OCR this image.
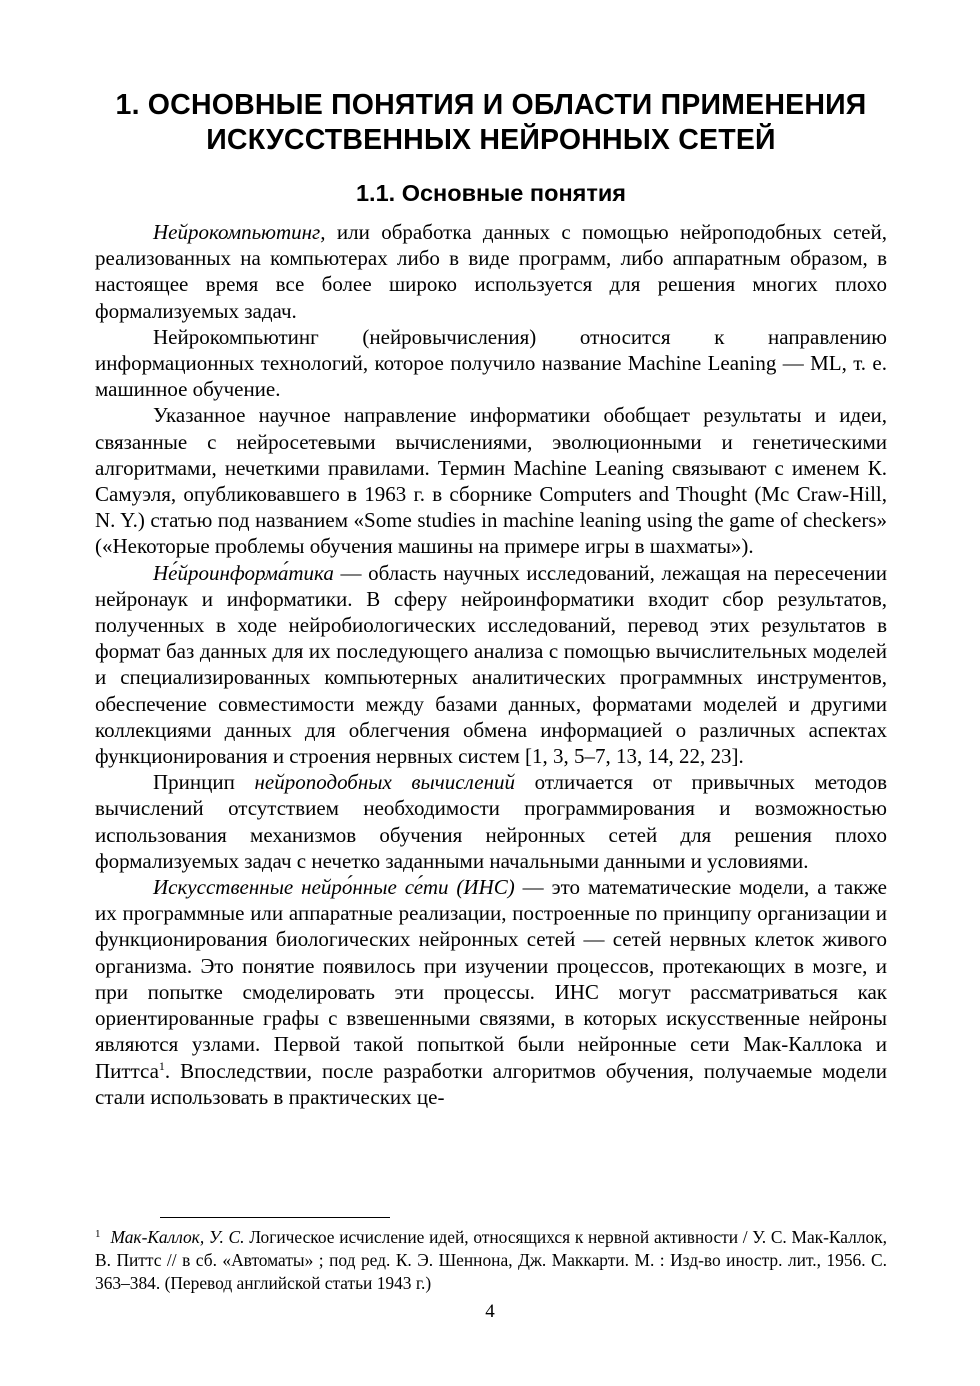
1. ОСНОВНЫЕ ПОНЯТИЯ И ОБЛАСТИ ПРИМЕНЕНИЯ
ИСКУССТВЕННЫХ НЕЙРОННЫХ СЕТЕЙ
1.1. Основные понятия

Нейрокомпьютинг, или обработка данных с помощью нейроподобных сетей, реализованных на компьютерах либо в виде программ, либо аппаратным образом, в настоящее время все более широко используется для решения многих плохо формализуемых задач.

Нейрокомпьютинг (нейровычисления) относится к направлению информационных технологий, которое получило название Machine Leaning — ML, т. е. машинное обучение.

Указанное научное направление информатики обобщает результаты и идеи, связанные с нейросетевыми вычислениями, эволюционными и генетическими алгоритмами, нечеткими правилами. Термин Machine Leaning связывают с именем К. Самуэля, опубликовавшего в 1963 г. в сборнике Computers and Thought (Mc Craw-Hill, N. Y.) статью под названием «Some studies in machine leaning using the game of checkers» («Некоторые проблемы обучения машины на примере игры в шахматы»).

Не́йроинформа́тика — область научных исследований, лежащая на пересечении нейронаук и информатики. В сферу нейроинформатики входит сбор результатов, полученных в ходе нейробиологических исследований, перевод этих результатов в формат баз данных для их последующего анализа с помощью вычислительных моделей и специализированных компьютерных аналитических программных инструментов, обеспечение совместимости между базами данных, форматами моделей и другими коллекциями данных для облегчения обмена информацией о различных аспектах функционирования и строения нервных систем [1, 3, 5–7, 13, 14, 22, 23].

Принцип нейроподобных вычислений отличается от привычных методов вычислений отсутствием необходимости программирования и возможностью использования механизмов обучения нейронных сетей для решения плохо формализуемых задач с нечетко заданными начальными данными и условиями.

Искусственные нейро́нные се́ти (ИНС) — это математические модели, а также их программные или аппаратные реализации, построенные по принципу организации и функционирования биологических нейронных сетей — сетей нервных клеток живого организма. Это понятие появилось при изучении процессов, протекающих в мозге, и при попытке смоделировать эти процессы. ИНС могут рассматриваться как ориентированные графы с взвешенными связями, в которых искусственные нейроны являются узлами. Первой такой попыткой были нейронные сети Мак-Каллока и Питтса$^1$. Впоследствии, после разработки алгоритмов обучения, получаемые модели стали использовать в практических це-

$^1$ Мак-Каллок, У. С. Логическое исчисление идей, относящихся к нервной активности / У. С. Мак-Каллок, В. Питтс // в сб. «Автоматы» ; под ред. К. Э. Шеннона, Дж. Маккарти. М. : Изд-во иностр. лит., 1956. С. 363–384. (Перевод английской статьи 1943 г.)
4
